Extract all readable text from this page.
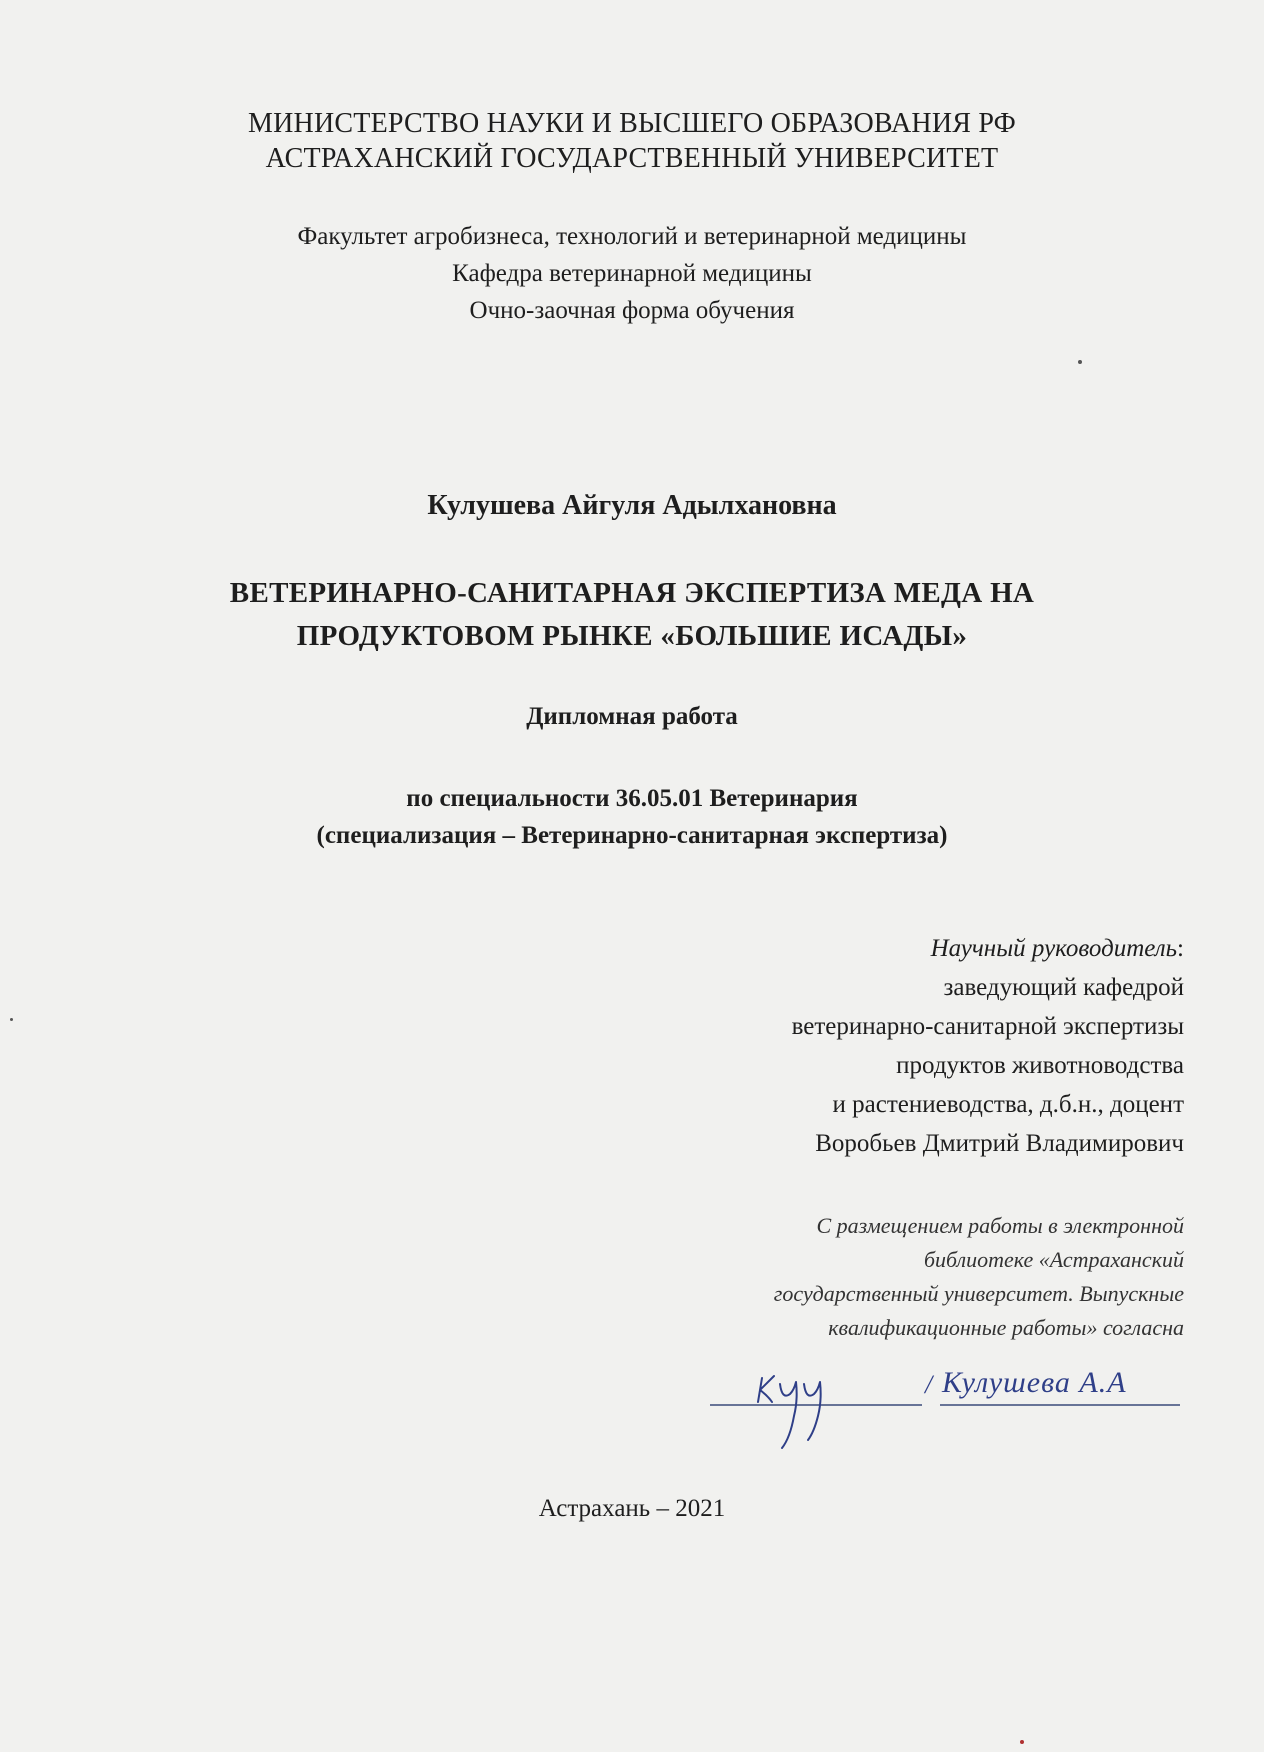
МИНИСТЕРСТВО НАУКИ И ВЫСШЕГО ОБРАЗОВАНИЯ РФ
АСТРАХАНСКИЙ ГОСУДАРСТВЕННЫЙ УНИВЕРСИТЕТ
Факультет агробизнеса, технологий и ветеринарной медицины
Кафедра ветеринарной медицины
Очно-заочная форма обучения
Кулушева Айгуля Адылхановна
ВЕТЕРИНАРНО-САНИТАРНАЯ ЭКСПЕРТИЗА МЕДА НА
ПРОДУКТОВОМ РЫНКЕ «БОЛЬШИЕ ИСАДЫ»
Дипломная работа
по специальности 36.05.01 Ветеринария
(специализация – Ветеринарно-санитарная экспертиза)
Научный руководитель:
заведующий кафедрой
ветеринарно-санитарной экспертизы
продуктов животноводства
и растениеводства, д.б.н., доцент
Воробьев Дмитрий Владимирович
С размещением работы в электронной
библиотеке «Астраханский
государственный университет. Выпускные
квалификационные работы» согласна
/ Кулушева А.А
Астрахань – 2021
